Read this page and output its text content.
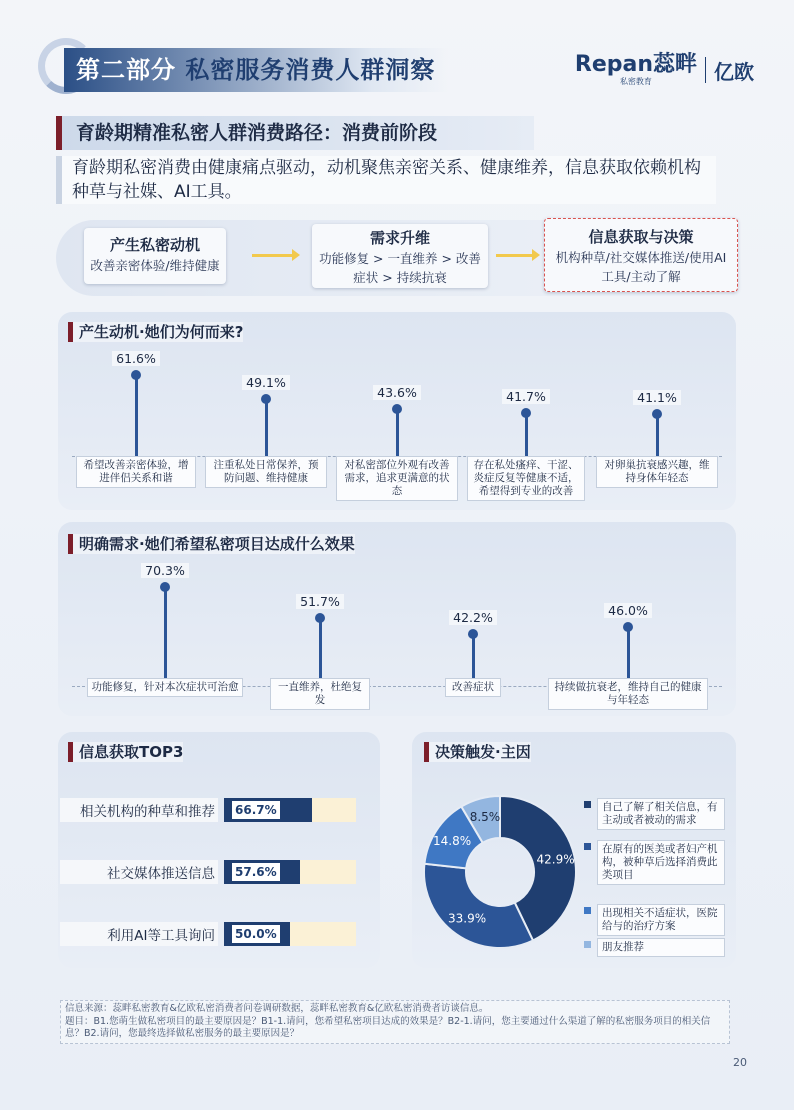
第二部分 私密服务消费人群洞察	Repan蕊畔
私密教育	亿欧
育龄期精准私密人群消费路径：消费前阶段
育龄期私密消费由健康痛点驱动，动机聚焦亲密关系、健康维养，信息获取依赖机构种草与社媒、AI工具。
产生私密动机
改善亲密体验/维持健康
需求升维
功能修复 > 一直维养 > 改善症状 > 持续抗衰
信息获取与决策
机构种草/社交媒体推送/使用AI工具/主动了解
产生动机·她们为何而来?
明确需求·她们希望私密项目达成什么效果
信息获取TOP3	决策触发·主因
42.9%
33.9%
14.8%
8.5%
自己了解了相关信息，有主动或者被动的需求
在原有的医美或者妇产机构，被种草后选择消费此类项目
出现相关不适症状，医院给与的治疗方案
朋友推荐
信息来源：蕊畔私密教育&亿欧私密消费者问卷调研数据，蕊畔私密教育&亿欧私密消费者访谈信息。
题目：B1.您萌生做私密项目的最主要原因是？B1-1.请问，您希望私密项目达成的效果是？B2-1.请问，您主要通过什么渠道了解的私密服务项目的相关信息？B2.请问，您最终选择做私密服务的最主要原因是？
20
61.6%
希望改善亲密体验，增进伴侣关系和谐
49.1%
注重私处日常保养，预防问题、维持健康
43.6%
对私密部位外观有改善需求，追求更满意的状态
41.7%
存在私处瘙痒、干涩、炎症反复等健康不适，希望得到专业的改善
41.1%
对卵巢抗衰感兴趣，维持身体年轻态
70.3%
功能修复，针对本次症状可治愈
51.7%
一直维养，杜绝复发
42.2%
改善症状
46.0%
持续做抗衰老，维持自己的健康与年轻态
相关机构的种草和推荐 66.7%
社交媒体推送信息 57.6%
利用AI等工具询问 50.0%
